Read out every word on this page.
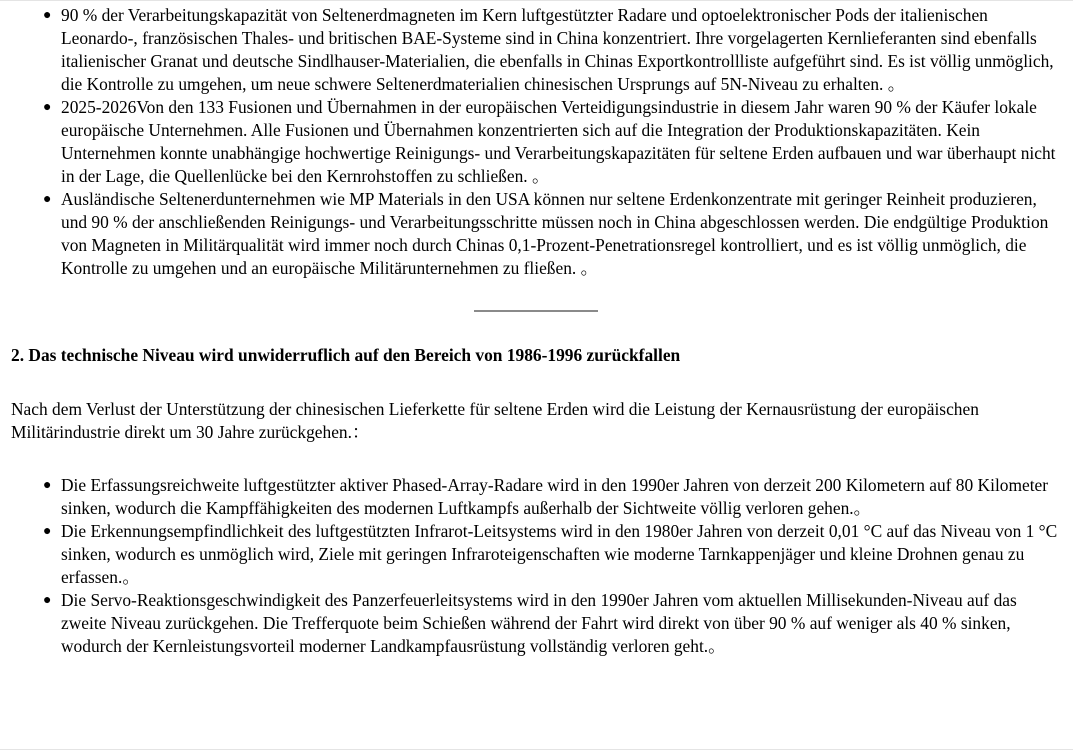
● 90 % der Verarbeitungskapazität von Seltenerdmagneten im Kern luftgestützter Radare und optoelektronischer Pods der italienischen Leonardo-, französischen Thales- und britischen BAE-Systeme sind in China konzentriert. Ihre vorgelagerten Kernlieferanten sind ebenfalls italienischer Granat und deutsche Sindlhauser-Materialien, die ebenfalls in Chinas Exportkontrollliste aufgeführt sind. Es ist völlig unmöglich, die Kontrolle zu umgehen, um neue schwere Seltenerdmaterialien chinesischen Ursprungs auf 5N-Niveau zu erhalten. 。
● 2025-2026Von den 133 Fusionen und Übernahmen in der europäischen Verteidigungsindustrie in diesem Jahr waren 90 % der Käufer lokale europäische Unternehmen. Alle Fusionen und Übernahmen konzentrierten sich auf die Integration der Produktionskapazitäten. Kein Unternehmen konnte unabhängige hochwertige Reinigungs- und Verarbeitungskapazitäten für seltene Erden aufbauen und war überhaupt nicht in der Lage, die Quellenlücke bei den Kernrohstoffen zu schließen. 。
● Ausländische Seltenerdunternehmen wie MP Materials in den USA können nur seltene Erdenkonzentrate mit geringer Reinheit produzieren, und 90 % der anschließenden Reinigungs- und Verarbeitungsschritte müssen noch in China abgeschlossen werden. Die endgültige Produktion von Magneten in Militärqualität wird immer noch durch Chinas 0,1-Prozent-Penetrationsregel kontrolliert, und es ist völlig unmöglich, die Kontrolle zu umgehen und an europäische Militärunternehmen zu fließen. 。
2. Das technische Niveau wird unwiderruflich auf den Bereich von 1986-1996 zurückfallen

Nach dem Verlust der Unterstützung der chinesischen Lieferkette für seltene Erden wird die Leistung der Kernausrüstung der europäischen Militärindustrie direkt um 30 Jahre zurückgehen.：

● Die Erfassungsreichweite luftgestützter aktiver Phased-Array-Radare wird in den 1990er Jahren von derzeit 200 Kilometern auf 80 Kilometer sinken, wodurch die Kampffähigkeiten des modernen Luftkampfs außerhalb der Sichtweite völlig verloren gehen.。
● Die Erkennungsempfindlichkeit des luftgestützten Infrarot-Leitsystems wird in den 1980er Jahren von derzeit 0,01 °C auf das Niveau von 1 °C sinken, wodurch es unmöglich wird, Ziele mit geringen Infraroteigenschaften wie moderne Tarnkappenjäger und kleine Drohnen genau zu erfassen.。
● Die Servo-Reaktionsgeschwindigkeit des Panzerfeuerleitsystems wird in den 1990er Jahren vom aktuellen Millisekunden-Niveau auf das zweite Niveau zurückgehen. Die Trefferquote beim Schießen während der Fahrt wird direkt von über 90 % auf weniger als 40 % sinken, wodurch der Kernleistungsvorteil moderner Landkampfausrüstung vollständig verloren geht.。
